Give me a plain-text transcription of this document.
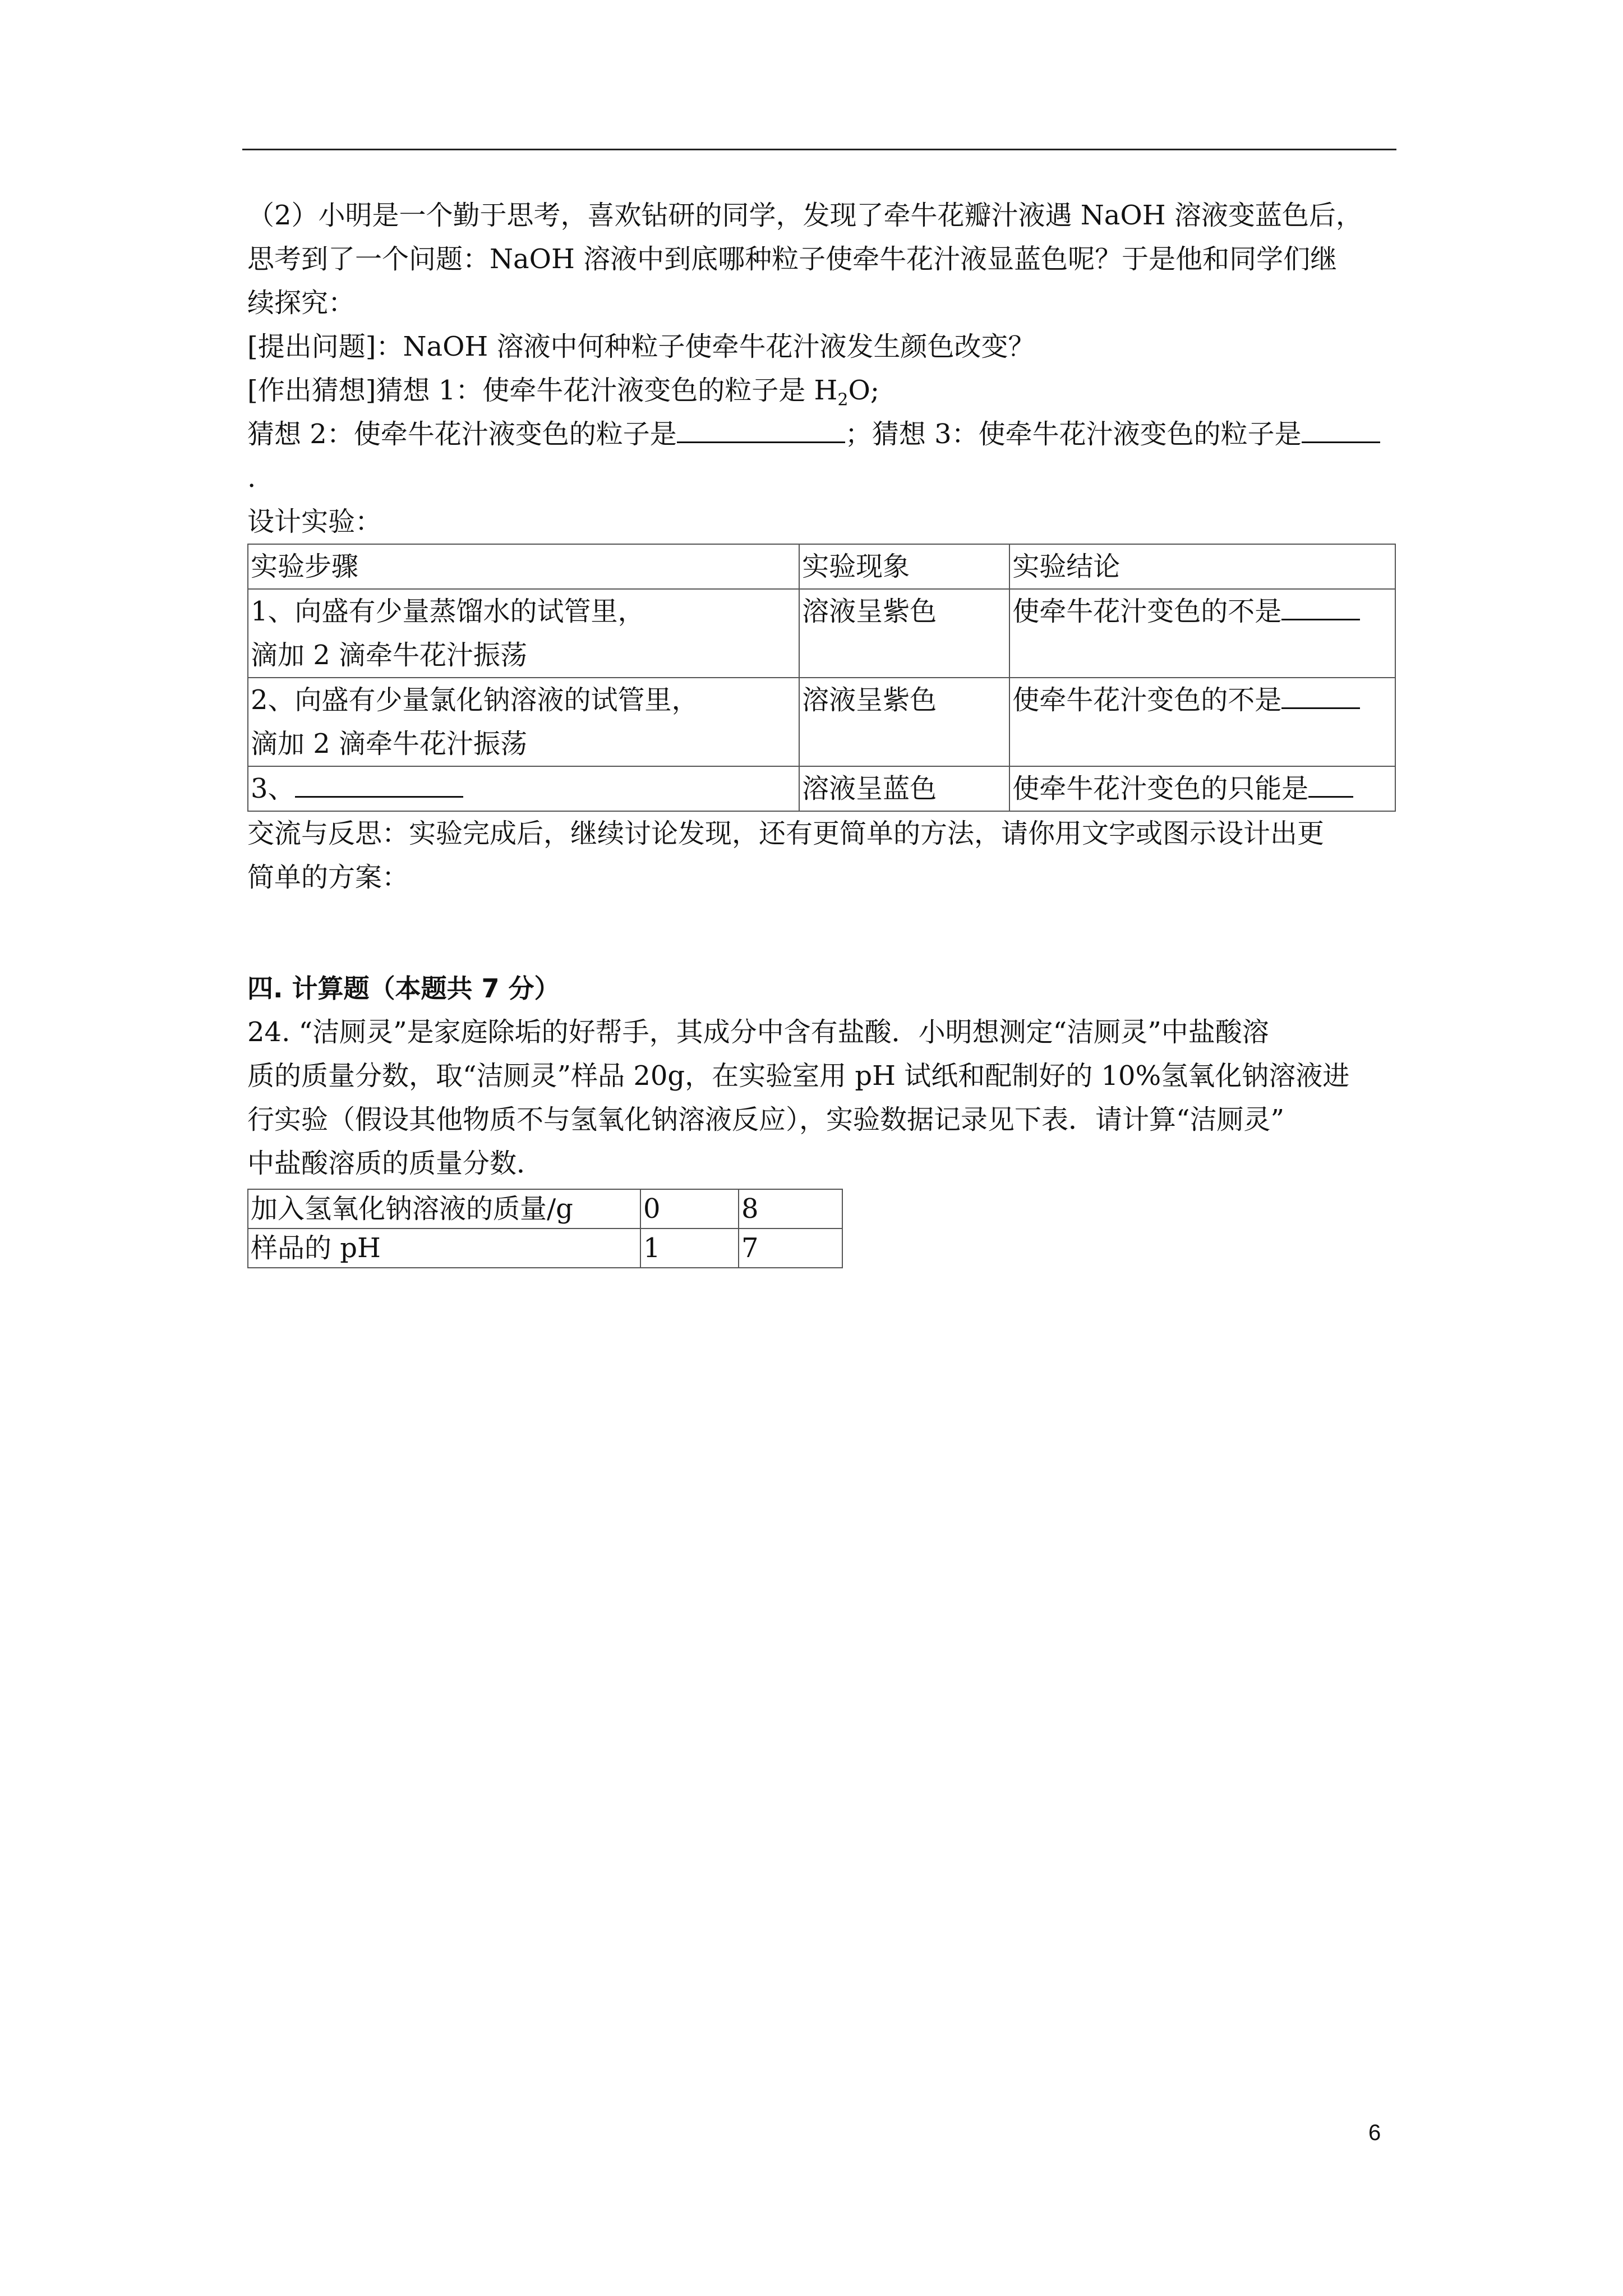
（2）小明是一个勤于思考，喜欢钻研的同学，发现了牵牛花瓣汁液遇 NaOH 溶液变蓝色后，
思考到了一个问题：NaOH 溶液中到底哪种粒子使牵牛花汁液显蓝色呢？于是他和同学们继
续探究：
[提出问题]：NaOH 溶液中何种粒子使牵牛花汁液发生颜色改变？
[作出猜想]猜想 1：使牵牛花汁液变色的粒子是 $H_2O$;
猜想 2：使牵牛花汁液变色的粒子是	；猜想 3：使牵牛花汁液变色的粒子是
.
设计实验：
实验步骤	实验现象	实验结论

1、向盛有少量蒸馏水的试管里，
滴加 2 滴牵牛花汁振荡	溶液呈紫色	使牵牛花汁变色的不是

2、向盛有少量氯化钠溶液的试管里，
滴加 2 滴牵牛花汁振荡	溶液呈紫色	使牵牛花汁变色的不是
3、	溶液呈蓝色	使牵牛花汁变色的只能是
交流与反思：实验完成后，继续讨论发现，还有更简单的方法，请你用文字或图示设计出更
简单的方案：
四. 计算题（本题共 7 分）
24. “洁厕灵”是家庭除垢的好帮手，其成分中含有盐酸．小明想测定“洁厕灵”中盐酸溶
质的质量分数，取“洁厕灵”样品 20g，在实验室用 pH 试纸和配制好的 10%氢氧化钠溶液进
行实验（假设其他物质不与氢氧化钠溶液反应），实验数据记录见下表．请计算“洁厕灵”
中盐酸溶质的质量分数．
加入氢氧化钠溶液的质量/g	0	8
样品的 pH	1	7
6
